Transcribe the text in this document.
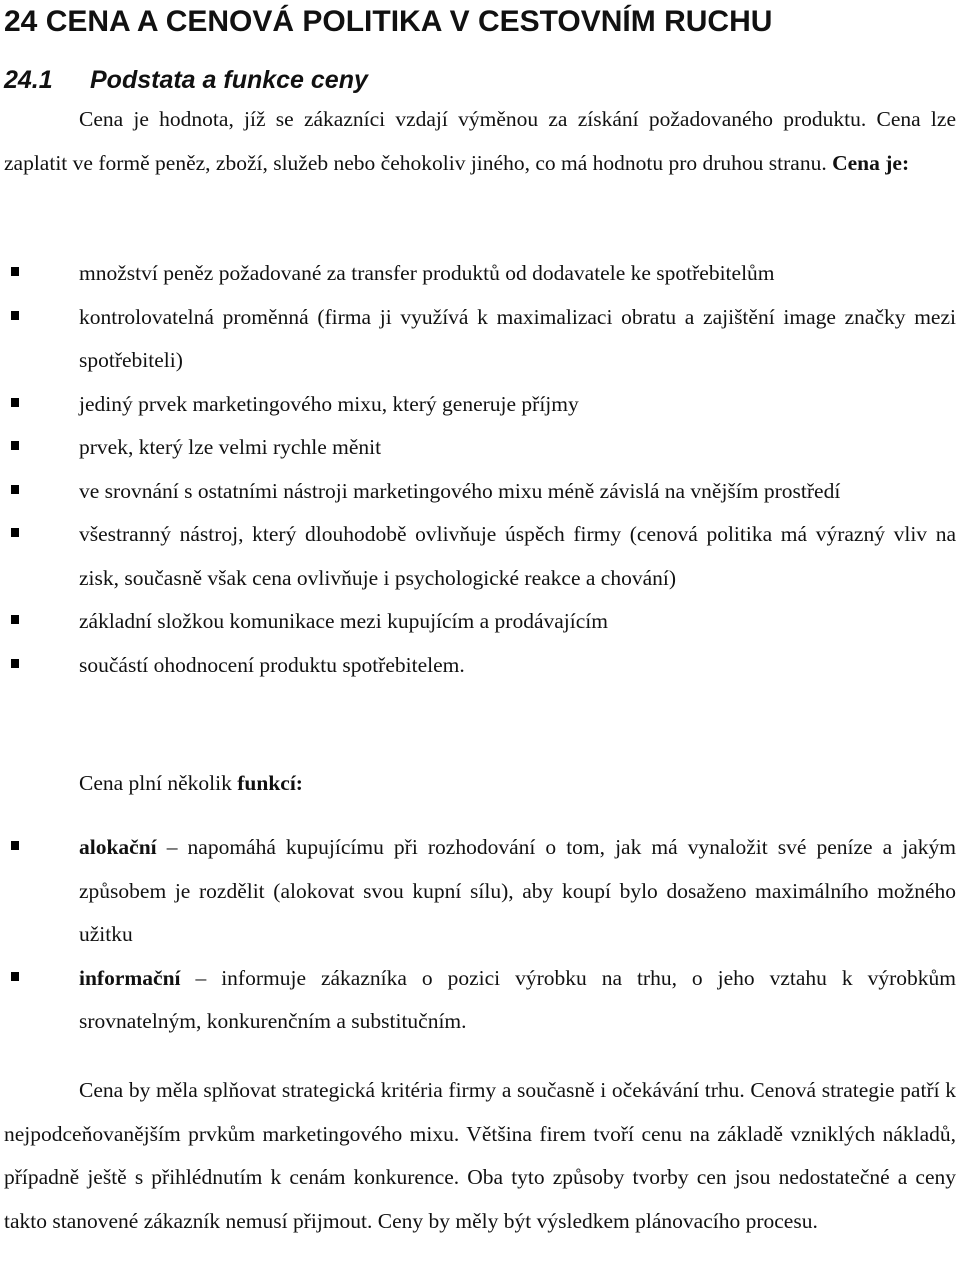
24 CENA A CENOVÁ POLITIKA V CESTOVNÍM RUCHU
24.1 Podstata a funkce ceny

Cena je hodnota, jíž se zákazníci vzdají výměnou za získání požadovaného produktu. Cena lze zaplatit ve formě peněz, zboží, služeb nebo čehokoliv jiného, co má hodnotu pro druhou stranu. Cena je:

množství peněz požadované za transfer produktů od dodavatele ke spotřebitelům
kontrolovatelná proměnná (firma ji využívá k maximalizaci obratu a zajištění image značky mezi spotřebiteli)
jediný prvek marketingového mixu, který generuje příjmy
prvek, který lze velmi rychle měnit
ve srovnání s ostatními nástroji marketingového mixu méně závislá na vnějším prostředí
všestranný nástroj, který dlouhodobě ovlivňuje úspěch firmy (cenová politika má výrazný vliv na zisk, současně však cena ovlivňuje i psychologické reakce a chování)
základní složkou komunikace mezi kupujícím a prodávajícím
součástí ohodnocení produktu spotřebitelem.

Cena plní několik funkcí:

alokační – napomáhá kupujícímu při rozhodování o tom, jak má vynaložit své peníze a jakým způsobem je rozdělit (alokovat svou kupní sílu), aby koupí bylo dosaženo maximálního možného užitku
informační – informuje zákazníka o pozici výrobku na trhu, o jeho vztahu k výrobkům srovnatelným, konkurenčním a substitučním.

Cena by měla splňovat strategická kritéria firmy a současně i očekávání trhu. Cenová strategie patří k nejpodceňovanějším prvkům marketingového mixu. Většina firem tvoří cenu na základě vzniklých nákladů, případně ještě s přihlédnutím k cenám konkurence. Oba tyto způsoby tvorby cen jsou nedostatečné a ceny takto stanovené zákazník nemusí přijmout. Ceny by měly být výsledkem plánovacího procesu.
